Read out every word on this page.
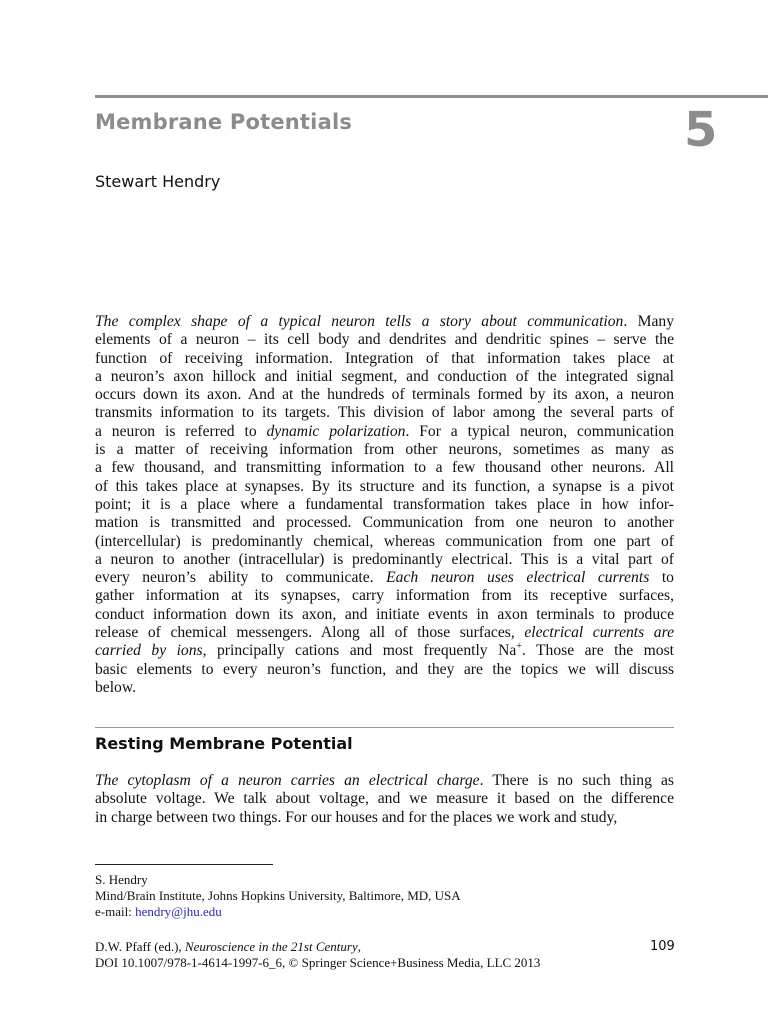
Membrane Potentials	5
Stewart Hendry
The complex shape of a typical neuron tells a story about communication. Many
elements of a neuron – its cell body and dendrites and dendritic spines – serve the
function of receiving information. Integration of that information takes place at
a neuron’s axon hillock and initial segment, and conduction of the integrated signal
occurs down its axon. And at the hundreds of terminals formed by its axon, a neuron
transmits information to its targets. This division of labor among the several parts of
a neuron is referred to dynamic polarization. For a typical neuron, communication
is a matter of receiving information from other neurons, sometimes as many as
a few thousand, and transmitting information to a few thousand other neurons. All
of this takes place at synapses. By its structure and its function, a synapse is a pivot
point; it is a place where a fundamental transformation takes place in how infor-
mation is transmitted and processed. Communication from one neuron to another
(intercellular) is predominantly chemical, whereas communication from one part of
a neuron to another (intracellular) is predominantly electrical. This is a vital part of
every neuron’s ability to communicate. Each neuron uses electrical currents to
gather information at its synapses, carry information from its receptive surfaces,
conduct information down its axon, and initiate events in axon terminals to produce
release of chemical messengers. Along all of those surfaces, electrical currents are
carried by ions, principally cations and most frequently Na+. Those are the most
basic elements to every neuron’s function, and they are the topics we will discuss
below.
Resting Membrane Potential
The cytoplasm of a neuron carries an electrical charge. There is no such thing as
absolute voltage. We talk about voltage, and we measure it based on the difference
in charge between two things. For our houses and for the places we work and study,
S. Hendry
Mind/Brain Institute, Johns Hopkins University, Baltimore, MD, USA
e-mail: hendry@jhu.edu
D.W. Pfaff (ed.), Neuroscience in the 21st Century,
DOI 10.1007/978-1-4614-1997-6_6, © Springer Science+Business Media, LLC 2013
109
